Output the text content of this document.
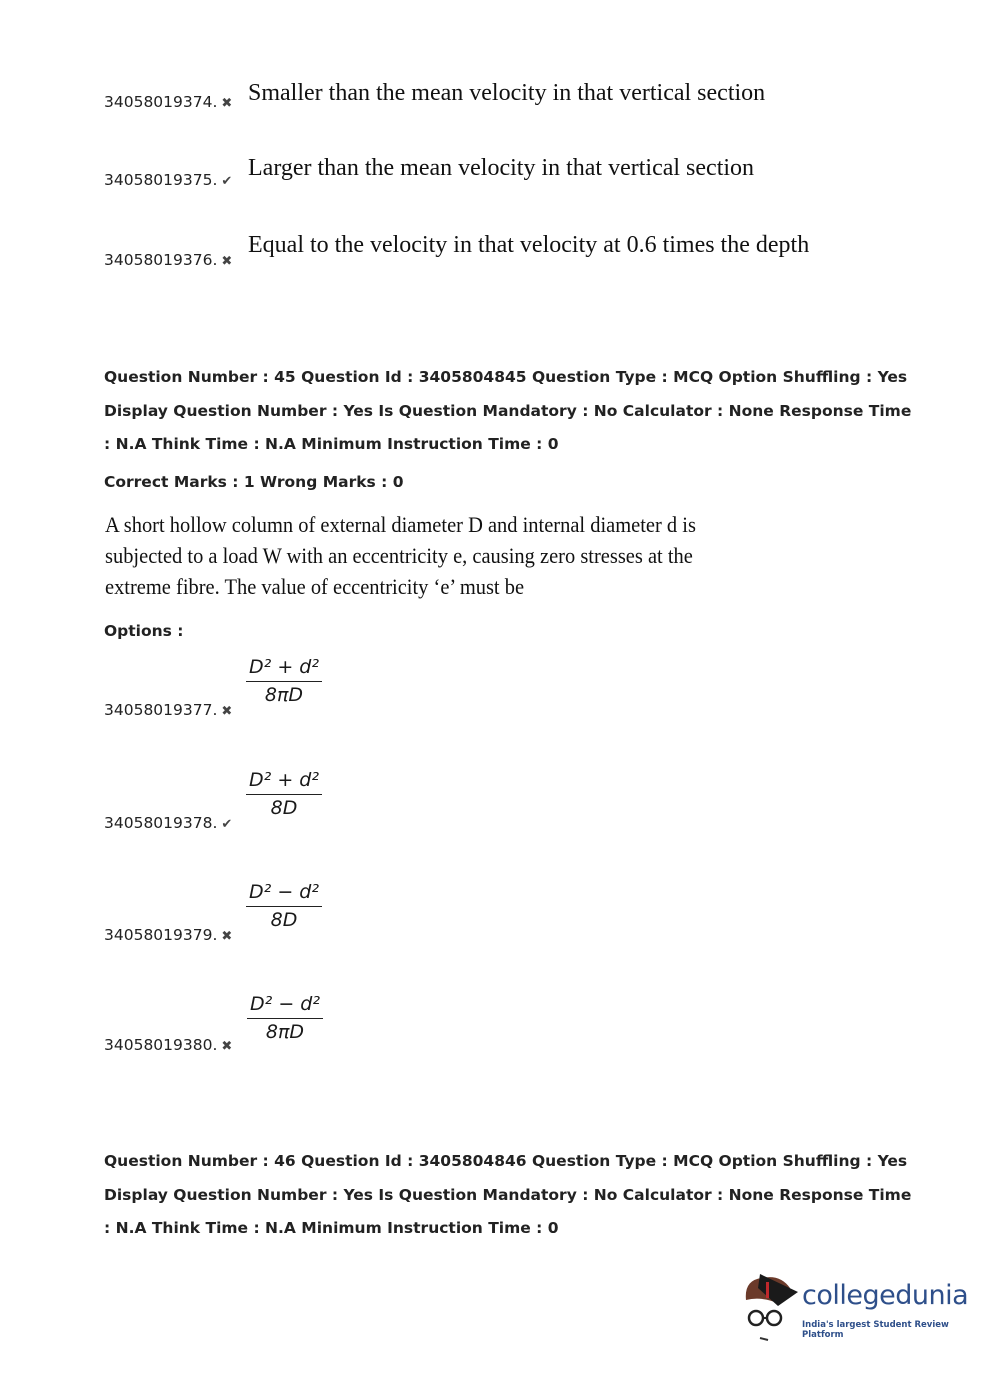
34058019374. ✖ Smaller than the mean velocity in that vertical section
34058019375. ✔
Larger than the mean velocity in that vertical section
34058019376. ✖
Equal to the velocity in that velocity at 0.6 times the depth
Question Number : 45 Question Id : 3405804845 Question Type : MCQ Option Shuffling : Yes
Display Question Number : Yes Is Question Mandatory : No Calculator : None Response Time
: N.A Think Time : N.A Minimum Instruction Time : 0
Correct Marks : 1 Wrong Marks : 0
A short hollow column of external diameter D and internal diameter d is
subjected to a load W with an eccentricity e, causing zero stresses at the
extreme fibre. The value of eccentricity ‘e’ must be
Options :
$\frac{\text{D² + d²}}{8\pi D}$
34058019377. ✖
$\frac{\text{D² + d²}}{8D}$
34058019378. ✔
$\frac{\text{D² − d²}}{8D}$
34058019379. ✖
$\frac{\text{D² − d²}}{8\pi D}$
34058019380. ✖
Question Number : 46 Question Id : 3405804846 Question Type : MCQ Option Shuffling : Yes
Display Question Number : Yes Is Question Mandatory : No Calculator : None Response Time
: N.A Think Time : N.A Minimum Instruction Time : 0
collegedunia
India's largest Student Review Platform
